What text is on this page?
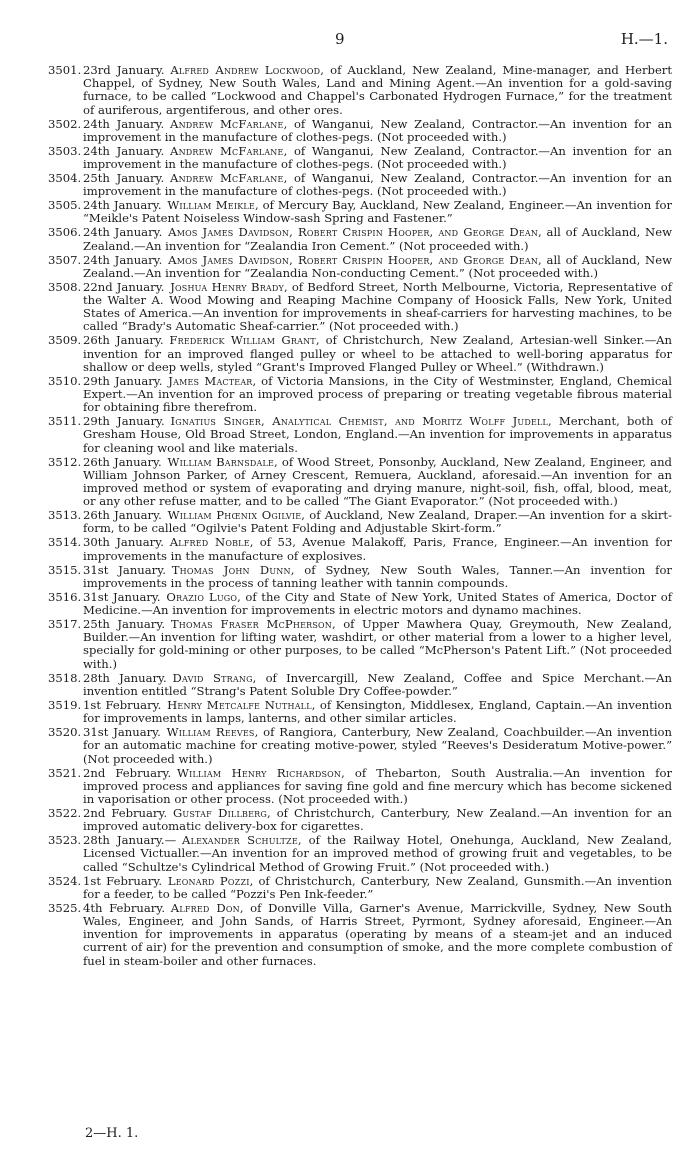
9	H.—1.
3501. 23rd January.  Alfred Andrew Lockwood, of Auckland, New Zealand, Mine-manager, and Herbert Chappel, of Sydney, New South Wales, Land and Mining Agent.—An invention for a gold-saving furnace, to be called “Lockwood and Chappel's Carbonated Hydrogen Furnace,” for the treatment of auriferous, argentiferous, and other ores.
3502. 24th January.  Andrew McFarlane, of Wanganui, New Zealand, Contractor.—An invention for an improvement in the manufacture of clothes-pegs. (Not proceeded with.)
3503. 24th January.  Andrew McFarlane, of Wanganui, New Zealand, Contractor.—An invention for an improvement in the manufacture of clothes-pegs. (Not proceeded with.)
3504. 25th January.  Andrew McFarlane, of Wanganui, New Zealand, Contractor.—An invention for an improvement in the manufacture of clothes-pegs. (Not proceeded with.)
3505. 24th January.  William Meikle, of Mercury Bay, Auckland, New Zealand, Engineer.—An invention for “Meikle's Patent Noiseless Window-sash Spring and Fastener.”
3506. 24th January.  Amos James Davidson, Robert Crispin Hooper, and George Dean, all of Auckland, New Zealand.—An invention for “Zealandia Iron Cement.” (Not proceeded with.)
3507. 24th January.  Amos James Davidson, Robert Crispin Hooper, and George Dean, all of Auckland, New Zealand.—An invention for “Zealandia Non-conducting Cement.” (Not proceeded with.)
3508. 22nd January.  Joshua Henry Brady, of Bedford Street, North Melbourne, Victoria, Representative of the Walter A. Wood Mowing and Reaping Machine Company of Hoosick Falls, New York, United States of America.—An invention for improvements in sheaf-carriers for harvesting machines, to be called “Brady's Automatic Sheaf-carrier.” (Not proceeded with.)
3509. 26th January.  Frederick William Grant, of Christchurch, New Zealand, Artesian-well Sinker.—An invention for an improved flanged pulley or wheel to be attached to well-boring apparatus for shallow or deep wells, styled “Grant's Improved Flanged Pulley or Wheel.” (Withdrawn.)
3510. 29th January.  James Mactear, of Victoria Mansions, in the City of Westminster, England, Chemical Expert.—An invention for an improved process of preparing or treating vegetable fibrous material for obtaining fibre therefrom.
3511. 29th January.  Ignatius Singer, Analytical Chemist, and Moritz Wolff Judell, Merchant, both of Gresham House, Old Broad Street, London, England.—An invention for improvements in apparatus for cleaning wool and like materials.
3512. 26th January.  William Barnsdale, of Wood Street, Ponsonby, Auckland, New Zealand, Engineer, and William Johnson Parker, of Arney Crescent, Remuera, Auckland, aforesaid.—An invention for an improved method or system of evaporating and drying manure, night-soil, fish, offal, blood, meat, or any other refuse matter, and to be called “The Giant Evaporator.” (Not proceeded with.)
3513. 26th January.  William Phœnix Ogilvie, of Auckland, New Zealand, Draper.—An invention for a skirt-form, to be called “Ogilvie's Patent Folding and Adjustable Skirt-form.”
3514. 30th January.  Alfred Noble, of 53, Avenue Malakoff, Paris, France, Engineer.—An invention for improvements in the manufacture of explosives.
3515. 31st January.  Thomas John Dunn, of Sydney, New South Wales, Tanner.—An invention for improvements in the process of tanning leather with tannin compounds.
3516. 31st January.  Orazio Lugo, of the City and State of New York, United States of America, Doctor of Medicine.—An invention for improvements in electric motors and dynamo machines.
3517. 25th January.  Thomas Fraser McPherson, of Upper Mawhera Quay, Greymouth, New Zealand, Builder.—An invention for lifting water, washdirt, or other material from a lower to a higher level, specially for gold-mining or other purposes, to be called “McPherson's Patent Lift.” (Not proceeded with.)
3518. 28th January.  David Strang, of Invercargill, New Zealand, Coffee and Spice Merchant.—An invention entitled “Strang's Patent Soluble Dry Coffee-powder.”
3519. 1st February.  Henry Metcalfe Nuthall, of Kensington, Middlesex, England, Captain.—An invention for improvements in lamps, lanterns, and other similar articles.
3520. 31st January.  William Reeves, of Rangiora, Canterbury, New Zealand, Coachbuilder.—An invention for an automatic machine for creating motive-power, styled “Reeves's Desideratum Motive-power.” (Not proceeded with.)
3521. 2nd February.  William Henry Richardson, of Thebarton, South Australia.—An invention for improved process and appliances for saving fine gold and fine mercury which has become sickened in vaporisation or other process. (Not proceeded with.)
3522. 2nd February.  Gustaf Dillberg, of Christchurch, Canterbury, New Zealand.—An invention for an improved automatic delivery-box for cigarettes.
3523. 28th January.—  Alexander Schultze, of the Railway Hotel, Onehunga, Auckland, New Zealand, Licensed Victualler.—An invention for an improved method of growing fruit and vegetables, to be called “Schultze's Cylindrical Method of Growing Fruit.” (Not proceeded with.)
3524. 1st February.  Leonard Pozzi, of Christchurch, Canterbury, New Zealand, Gunsmith.—An invention for a feeder, to be called “Pozzi's Pen Ink-feeder.”
3525. 4th February.  Alfred Don, of Donville Villa, Garner's Avenue, Marrickville, Sydney, New South Wales, Engineer, and John Sands, of Harris Street, Pyrmont, Sydney aforesaid, Engineer.—An invention for improvements in apparatus (operating by means of a steam-jet and an induced current of air) for the prevention and consumption of smoke, and the more complete combustion of fuel in steam-boiler and other furnaces.
2—H. 1.
